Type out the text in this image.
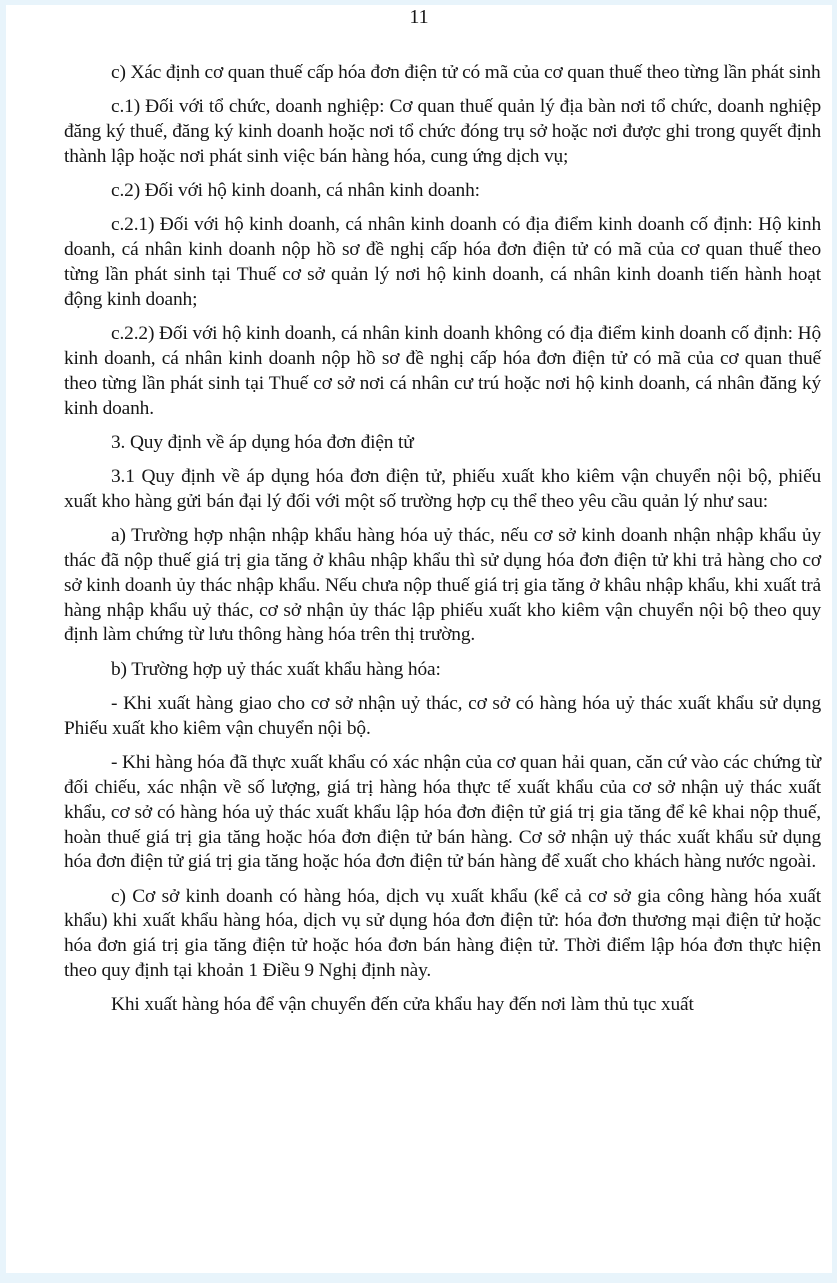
11

c) Xác định cơ quan thuế cấp hóa đơn điện tử có mã của cơ quan thuế theo từng lần phát sinh

c.1) Đối với tổ chức, doanh nghiệp: Cơ quan thuế quản lý địa bàn nơi tổ chức, doanh nghiệp đăng ký thuế, đăng ký kinh doanh hoặc nơi tổ chức đóng trụ sở hoặc nơi được ghi trong quyết định thành lập hoặc nơi phát sinh việc bán hàng hóa, cung ứng dịch vụ;

c.2) Đối với hộ kinh doanh, cá nhân kinh doanh:

c.2.1) Đối với hộ kinh doanh, cá nhân kinh doanh có địa điểm kinh doanh cố định: Hộ kinh doanh, cá nhân kinh doanh nộp hồ sơ đề nghị cấp hóa đơn điện tử có mã của cơ quan thuế theo từng lần phát sinh tại Thuế cơ sở quản lý nơi hộ kinh doanh, cá nhân kinh doanh tiến hành hoạt động kinh doanh;

c.2.2) Đối với hộ kinh doanh, cá nhân kinh doanh không có địa điểm kinh doanh cố định: Hộ kinh doanh, cá nhân kinh doanh nộp hồ sơ đề nghị cấp hóa đơn điện tử có mã của cơ quan thuế theo từng lần phát sinh tại Thuế cơ sở nơi cá nhân cư trú hoặc nơi hộ kinh doanh, cá nhân đăng ký kinh doanh.

3. Quy định về áp dụng hóa đơn điện tử

3.1 Quy định về áp dụng hóa đơn điện tử, phiếu xuất kho kiêm vận chuyển nội bộ, phiếu xuất kho hàng gửi bán đại lý đối với một số trường hợp cụ thể theo yêu cầu quản lý như sau:

a) Trường hợp nhận nhập khẩu hàng hóa uỷ thác, nếu cơ sở kinh doanh nhận nhập khẩu ủy thác đã nộp thuế giá trị gia tăng ở khâu nhập khẩu thì sử dụng hóa đơn điện tử khi trả hàng cho cơ sở kinh doanh ủy thác nhập khẩu. Nếu chưa nộp thuế giá trị gia tăng ở khâu nhập khẩu, khi xuất trả hàng nhập khẩu uỷ thác, cơ sở nhận ủy thác lập phiếu xuất kho kiêm vận chuyển nội bộ theo quy định làm chứng từ lưu thông hàng hóa trên thị trường.

b) Trường hợp uỷ thác xuất khẩu hàng hóa:

- Khi xuất hàng giao cho cơ sở nhận uỷ thác, cơ sở có hàng hóa uỷ thác xuất khẩu sử dụng Phiếu xuất kho kiêm vận chuyển nội bộ.

- Khi hàng hóa đã thực xuất khẩu có xác nhận của cơ quan hải quan, căn cứ vào các chứng từ đối chiếu, xác nhận về số lượng, giá trị hàng hóa thực tế xuất khẩu của cơ sở nhận uỷ thác xuất khẩu, cơ sở có hàng hóa uỷ thác xuất khẩu lập hóa đơn điện tử giá trị gia tăng để kê khai nộp thuế, hoàn thuế giá trị gia tăng hoặc hóa đơn điện tử bán hàng. Cơ sở nhận uỷ thác xuất khẩu sử dụng hóa đơn điện tử giá trị gia tăng hoặc hóa đơn điện tử bán hàng để xuất cho khách hàng nước ngoài.

c) Cơ sở kinh doanh có hàng hóa, dịch vụ xuất khẩu (kể cả cơ sở gia công hàng hóa xuất khẩu) khi xuất khẩu hàng hóa, dịch vụ sử dụng hóa đơn điện tử: hóa đơn thương mại điện tử hoặc hóa đơn giá trị gia tăng điện tử hoặc hóa đơn bán hàng điện tử. Thời điểm lập hóa đơn thực hiện theo quy định tại khoản 1 Điều 9 Nghị định này.

Khi xuất hàng hóa để vận chuyển đến cửa khẩu hay đến nơi làm thủ tục xuất
